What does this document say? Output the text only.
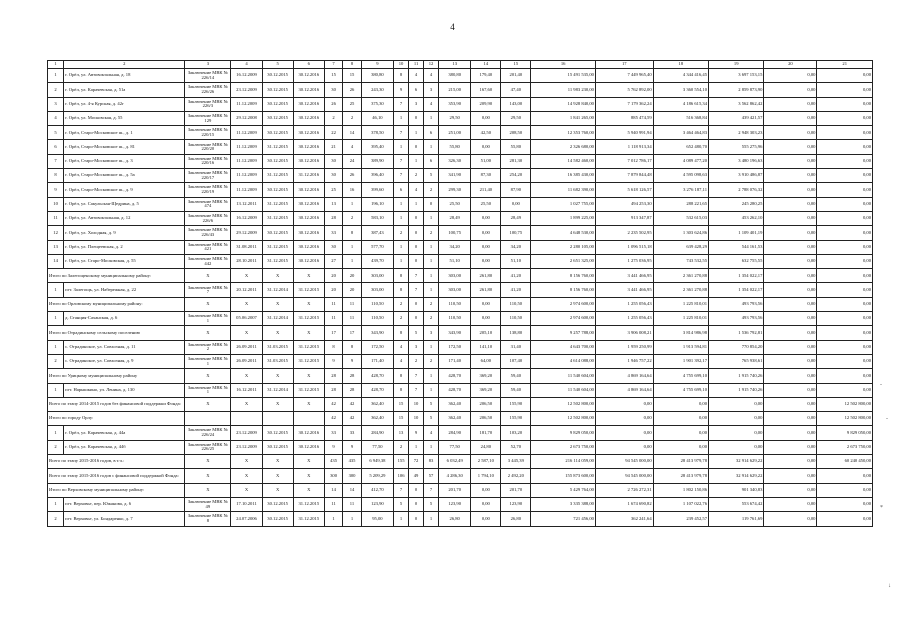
4
1	2	3	4	5	6	7	8	9	10	11	12	13	14	15	16	17	18	19	20	21
1	г. Орёл, ул. Автовокзальная, д. 18	Заключение МВК № 226/14	16.12.2009	30.12.2015	30.12.2016	15	15	380,80	8	4	4	380,80	179,40	201,40	15 491 535,00	7 449 965,40	4 344 416,45	3 697 153,15	0,00	0,00
2	г. Орёл, ул. Карачевская, д. 51а	Заключение МВК № 226/26	23.12.2009	30.12.2015	30.12.2016	30	26	243,30	9	6	3	215,00	167,60	47,40	11 983 230,00	5 762 892,00	3 360 554,10	2 859 873,90	0,00	0,00
3	г. Орёл, ул. 4-я Курская, д. 42г	Заключение МВК № 226/3	11.12.2009	30.12.2015	30.12.2016	26	25	375,30	7	3	4	353,90	209,90	143,00	14 928 840,00	7 179 362,24	4 186 615,34	3 562 862,42	0,00	0,00
4	г. Орёл, ул. Московская, д. 55	Заключение МВК № 129	29.12.2008	30.12.2015	30.12.2016	2	2	46,10	1	0	1	29,50	0,00	29,50	1 841 265,00	885 474,59	516 368,84	439 421,57	0,00	0,00
5	г. Орёл, Старо-Московское ш., д. 1	Заключение МВК № 220/15	11.12.2009	30.12.2015	30.12.2016	22	14	378,50	7	1	6	251,00	42,50	208,50	12 353 760,00	5 940 991,94	3 464 464,83	2 948 303,23	0,00	0,00
6	г. Орёл, Старо-Московское ш., д. 81	Заключение МВК № 220/20	11.12.2009	31.12.2015	30.12.2016	21	4	395,40	1	0	1	55,80	0,00	55,80	2 326 680,00	1 118 913,34	652 480,70	555 275,96	0,00	0,00
7	г. Орёл, Старо-Московское ш., д. 3	Заключение МВК № 220/16	11.12.2009	30.12.2015	30.12.2016	30	24	389,90	7	1	6	326,30	51,00	281,30	14 582 460,00	7 012 786,17	4 089 477,20	3 480 196,63	0,00	0,00
8	г. Орёл, Старо-Московское ш., д. 5а	Заключение МВК № 220/17	11.12.2009	31.12.2015	31.12.2016	30	26	396,40	7	2	5	341,90	87,30	254,20	16 385 430,00	7 879 844,48	4 595 098,63	3 910 486,87	0,00	0,00
9	г. Орёл, Старо-Московское ш., д. 9	Заключение МВК № 220/19	11.12.2009	30.12.2015	30.12.2016	25	16	399,60	6	4	2	299,30	211,40	87,90	11 682 390,00	5 618 126,57	3 276 187,11	2 788 076,32	0,00	0,00
10	г. Орёл, ул. Сакульская-Щедрина, д. 5	Заключение МВК № 474	13.12.2011	31.12.2015	30.12.2016	13	1	196,10	1	1	0	25,50	25,50	0,00	1 027 755,00	494 253,30	288 221,65	245 280,25	0,00	0,00
11	г. Орёл, ул. Автовокзальная, д. 12	Заключение МВК № 226/6	16.12.2009	31.12.2015	30.12.2016	28	2	583,10	1	0	1	28,49	0,00	28,49	1 899 225,00	913 347,87	532 615,03	453 262,10	0,00	0,00
12	г. Орёл, ул. Холодная, д. 9	Заключение МВК № 226/43	29.12.2009	30.12.2015	30.12.2016	33	8	387,43	2	0	2	100,75	0,00	100,75	4 648 530,00	2 235 502,95	1 303 624,86	1 109 401,19	0,00	0,00
13	г. Орёл, ул. Плещеевская, д. 2	Заключение МВК № 421	31.08.2011	31.12.2015	30.12.2016	30	1	577,70	1	0	1	34,20	0,00	34,20	2 280 105,00	1 096 515,18	639 428,29	544 161,53	0,00	0,00
14	г. Орёл, ул. Старо-Московская, д. 55	Заключение МВК № 442	28.10.2011	31.12.2015	30.12.2016	27	1	439,70	1	0	1	51,10	0,00	51,10	2 651 325,00	1 275 036,95	743 532,55	632 755,55	0,00	0,00
Итого по Залегощенскому муниципальному району:		X	X	X	X	20	20	303,00	8	7	1	303,00	261,80	41,20	8 156 760,00	3 441 466,95	2 361 270,88	1 354 022,17	0,00	0,00
1	пгт. Залегощь, ул. Набережная, д. 22	Заключение МВК № 7	20.12.2011	31.12.2014	31.12.2015	20	20	303,00	8	7	1	303,00	261,80	41,20	8 156 760,00	3 441 466,95	2 361 270,88	1 354 022,17	0,00	0,00
Итого по Орловскому муниципальному району:		X	X	X	X	11	11	110,50	2	0	2	110,50	0,00	110,50	2 974 600,00	1 255 056,43	1 225 810,01	493 793,56	0,00	0,00
1	д. Станция-Саханская, д. 6	Заключение МВК № 1	05.06.2007	31.12.2014	31.12.2015	11	11	110,50	2	0	2	110,50	0,00	110,50	2 974 600,00	1 255 056,43	1 225 810,01	493 793,56	0,00	0,00
Итого по Отрадинскому сельскому поселению		X	X	X	X	17	17	343,90	8	5	3	343,90	205,10	138,80	9 257 788,00	3 906 008,21	3 814 986,98	1 536 792,81	0,00	0,00
1	с. Отрадинское, ул. Совхозная, д. 11	Заключение МВК № 2	26.09.2011	31.03.2015	31.12.2015	8	8	172,50	4	3	1	172,50	141,10	31,40	4 643 700,00	1 959 250,99	1 913 594,81	770 854,20	0,00	0,00
2	с. Отрадинское, ул. Совхозная, д. 9	Заключение МВК № 1	26.09.2011	31.03.2015	31.12.2015	9	9	171,40	4	2	2	171,40	64,00	107,40	4 614 088,00	1 946 757,22	1 901 392,17	765 938,61	0,00	0,00
Итого по Урицкому муниципальному району		X	X	X	X	28	28	428,70	8	7	1	428,70	369,20	59,40	11 540 604,00	4 869 164,64	4 755 699,10	1 915 740,26	0,00	0,00
1	пгт. Нарышкино, ул. Ленина, д. 130	Заключение МВК № 1	16.12.2011	31.12.2014	31.12.2015	28	28	428,70	8	7	1	428,70	369,20	59,40	11 540 604,00	4 869 164,64	4 755 699,10	1 915 740,26	0,00	0,00
Всего по этапу 2014-2015 годов без финансовой поддержки Фонда:		X	X	X	X	42	42	362,40	15	10	5	362,40	206,50	155,90	12 502 800,00	0,00	0,00	0,00	0,00	12 502 800,00
Итого по городу Орлу:						42	42	362,40	15	10	5	362,40	206,50	155,90	12 502 800,00	0,00	0,00	0,00	0,00	12 502 800,00
1	г. Орёл, ул. Карачевская, д. 44а	Заключение МВК № 226/24	23.12.2009	30.12.2015	30.12.2016	33	33	284,90	13	9	4	284,90	181,70	103,20	9 829 050,00	0,00	0,00	0,00	0,00	9 829 050,00
2	г. Орёл, ул. Карачевская, д. 44б	Заключение МВК № 226/25	23.12.2009	30.12.2015	30.12.2016	9	9	77,50	2	1	1	77,50	24,80	52,70	2 673 750,00	0,00	0,00	0,00	0,00	2 673 750,00
Всего по этапу 2015-2016 годов, в т.ч.:		X	X	X	X	435	435	6 949,38	155	72	83	6 032,49	2 587,10	3 445,39	216 114 059,00	94 545 000,00	28 413 979,78	32 914 629,22	0,00	60 240 450,00
Всего по этапу 2015-2016 годов с финансовой поддержкой Фонда:		X	X	X	X	300	300	5 209,29	106	49	57	4 286,30	1 794,10	2 492,20	155 873 600,00	94 545 000,00	28 413 979,78	32 914 629,22	0,00	0,00
Итого по Верховскому муниципальному району:		X	X	X	X	14	14	412,70	7	0	7	201,70	0,00	201,70	5 429 764,00	2 726 272,31	1 802 150,86	901 340,83	0,00	0,00
1	пгт. Верховье, пер. Южанова, д. 6	Заключение МВК № 49	17.10.2011	30.12.2015	31.12.2015	11	11	123,90	5	0	5	123,90	0,00	123,90	3 335 388,00	1 674 690,82	1 107 022,76	553 674,42	0,00	0,00
2	пгт. Верховье, ул. Бондаренко, д. 7	Заключение МВК № 8	24.07.2006	30.12.2015	31.12.2015	1	1	95,00	1	0	1	26,80	0,00	26,80	721 456,00	362 241,64	239 452,57	119 761,69	0,00	0,00
-
-
*
↓
